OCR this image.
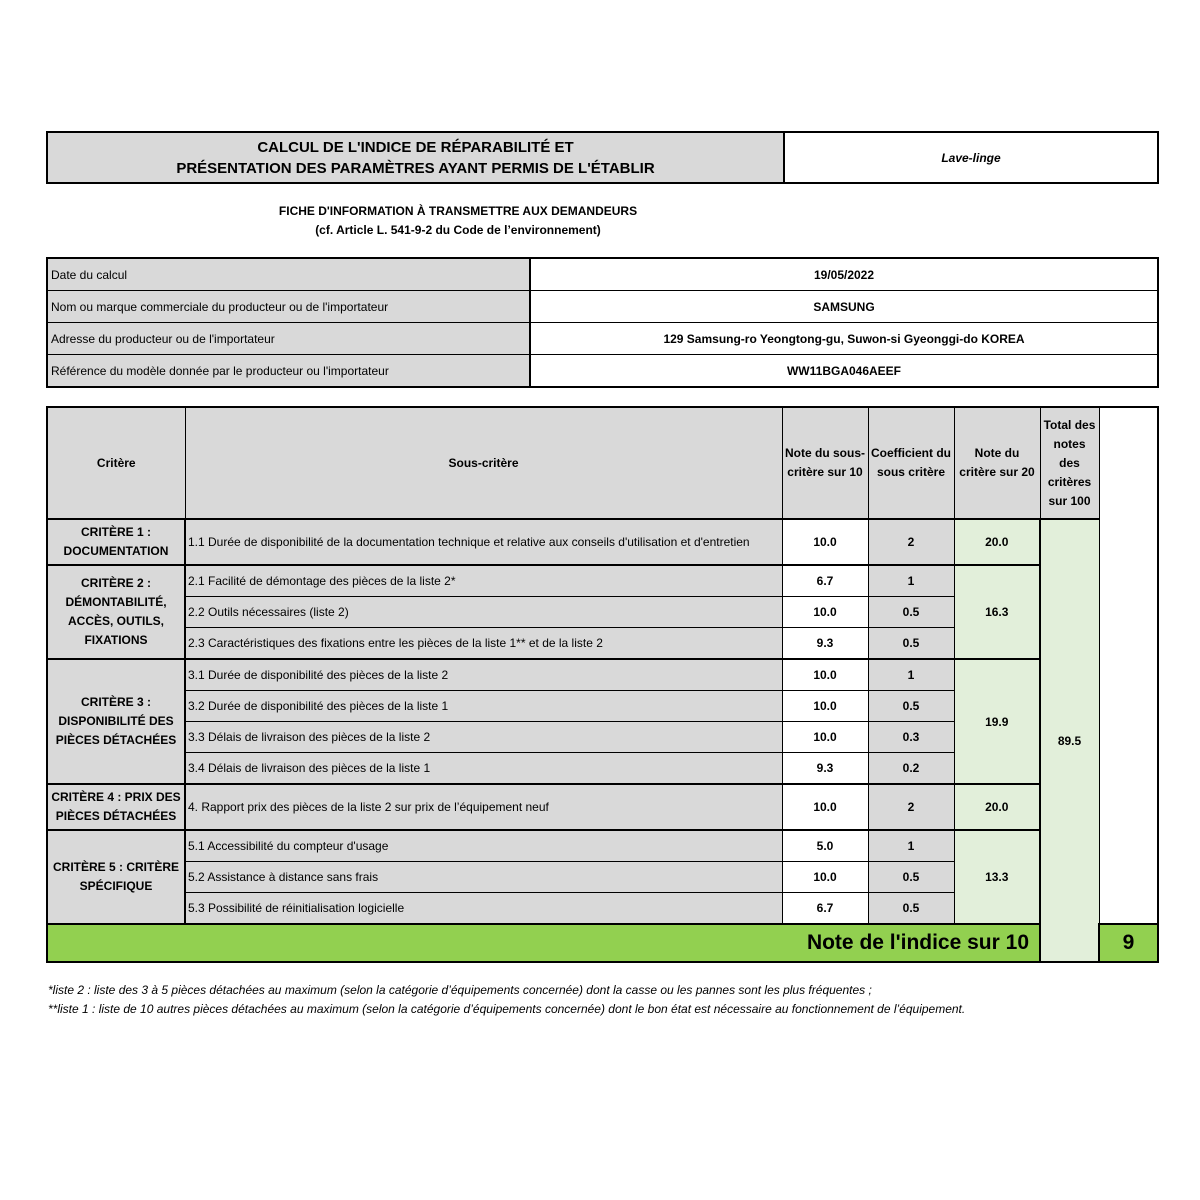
CALCUL DE L'INDICE DE RÉPARABILITÉ ET
PRÉSENTATION DES PARAMÈTRES AYANT PERMIS DE L'ÉTABLIR
Lave-linge
FICHE D'INFORMATION À TRANSMETTRE AUX DEMANDEURS
(cf. Article L. 541-9-2 du Code de l’environnement)
Date du calcul	19/05/2022
Nom ou marque commerciale du producteur ou de l'importateur	SAMSUNG
Adresse du producteur ou de l'importateur	129 Samsung-ro Yeongtong-gu, Suwon-si Gyeonggi-do KOREA
Référence du modèle donnée par le producteur ou l'importateur	WW11BGA046AEEF
Critère	Sous-critère	Note du sous-critère sur 10	Coefficient du sous critère	Note du critère sur 20	Total des notes des critères sur 100	
CRITÈRE 1 : DOCUMENTATION	1.1 Durée de disponibilité de la documentation technique et relative aux conseils d'utilisation et d'entretien	10.0	2	20.0	89.5	
CRITÈRE 2 : DÉMONTABILITÉ, ACCÈS, OUTILS, FIXATIONS	2.1 Facilité de démontage des pièces de la liste 2*	6.7	1	16.3		
	2.2 Outils nécessaires (liste 2)	10.0	0.5			
	2.3 Caractéristiques des fixations entre les pièces de la liste 1** et de la liste 2	9.3	0.5			
CRITÈRE 3 : DISPONIBILITÉ DES PIÈCES DÉTACHÉES	3.1 Durée de disponibilité des pièces de la liste 2	10.0	1	19.9		
	3.2 Durée de disponibilité des pièces de la liste 1	10.0	0.5			
	3.3 Délais de livraison des pièces de la liste 2	10.0	0.3			
	3.4 Délais de livraison des pièces de la liste 1	9.3	0.2			
CRITÈRE 4 : PRIX DES PIÈCES DÉTACHÉES	4. Rapport prix des pièces de la liste 2 sur prix de l’équipement neuf	10.0	2	20.0		
CRITÈRE 5 : CRITÈRE SPÉCIFIQUE	5.1 Accessibilité du compteur d'usage	5.0	1	13.3		
	5.2 Assistance à distance sans frais	10.0	0.5			
	5.3 Possibilité de réinitialisation logicielle	6.7	0.5			
Note de l'indice sur 10						9
*liste 2 : liste des 3 à 5 pièces détachées au maximum (selon la catégorie d’équipements concernée) dont la casse ou les pannes sont les plus fréquentes ;
**liste 1 : liste de 10 autres pièces détachées au maximum (selon la catégorie d’équipements concernée) dont le bon état est nécessaire au fonctionnement de l’équipement.
